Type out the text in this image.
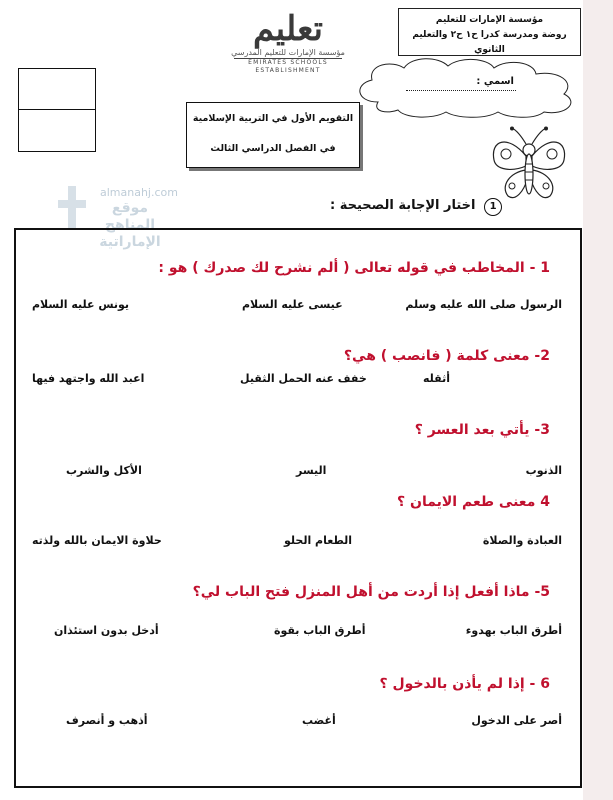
مؤسسة الإمارات للتعليم
روضة ومدرسة كدرا ح١ ح٢ والتعليم الثانوي
تعليم
مؤسسة الإمارات للتعليم المدرسي
EMIRATES SCHOOLS ESTABLISHMENT
اسمي :
التقويم الأول في التربية الإسلامية
في الفصل الدراسي الثالث
almanahj.com
موقع
المناهج الإماراتية
1 اختار الإجابة الصحيحة :
1 - المخاطب في قوله تعالى ( ألم نشرح لك صدرك ) هو :
الرسول صلى الله عليه وسلم
عيسى عليه السلام
يونس عليه السلام
2- معنى كلمة ( فانصب ) هي؟
أثقله
خفف عنه الحمل الثقيل
اعبد الله واجتهد فيها
3- يأتي بعد العسر ؟
الذنوب
اليسر
الأكل والشرب
4 معنى طعم الايمان ؟
العبادة والصلاة
الطعام الحلو
حلاوة الايمان بالله ولذته
5- ماذا أفعل إذا أردت من أهل المنزل فتح الباب لي؟
أطرق الباب بهدوء
أطرق الباب بقوة
أدخل بدون استئذان
6 - إذا لم يأذن بالدخول ؟
أصر على الدخول
أغضب
أذهب و أنصرف
